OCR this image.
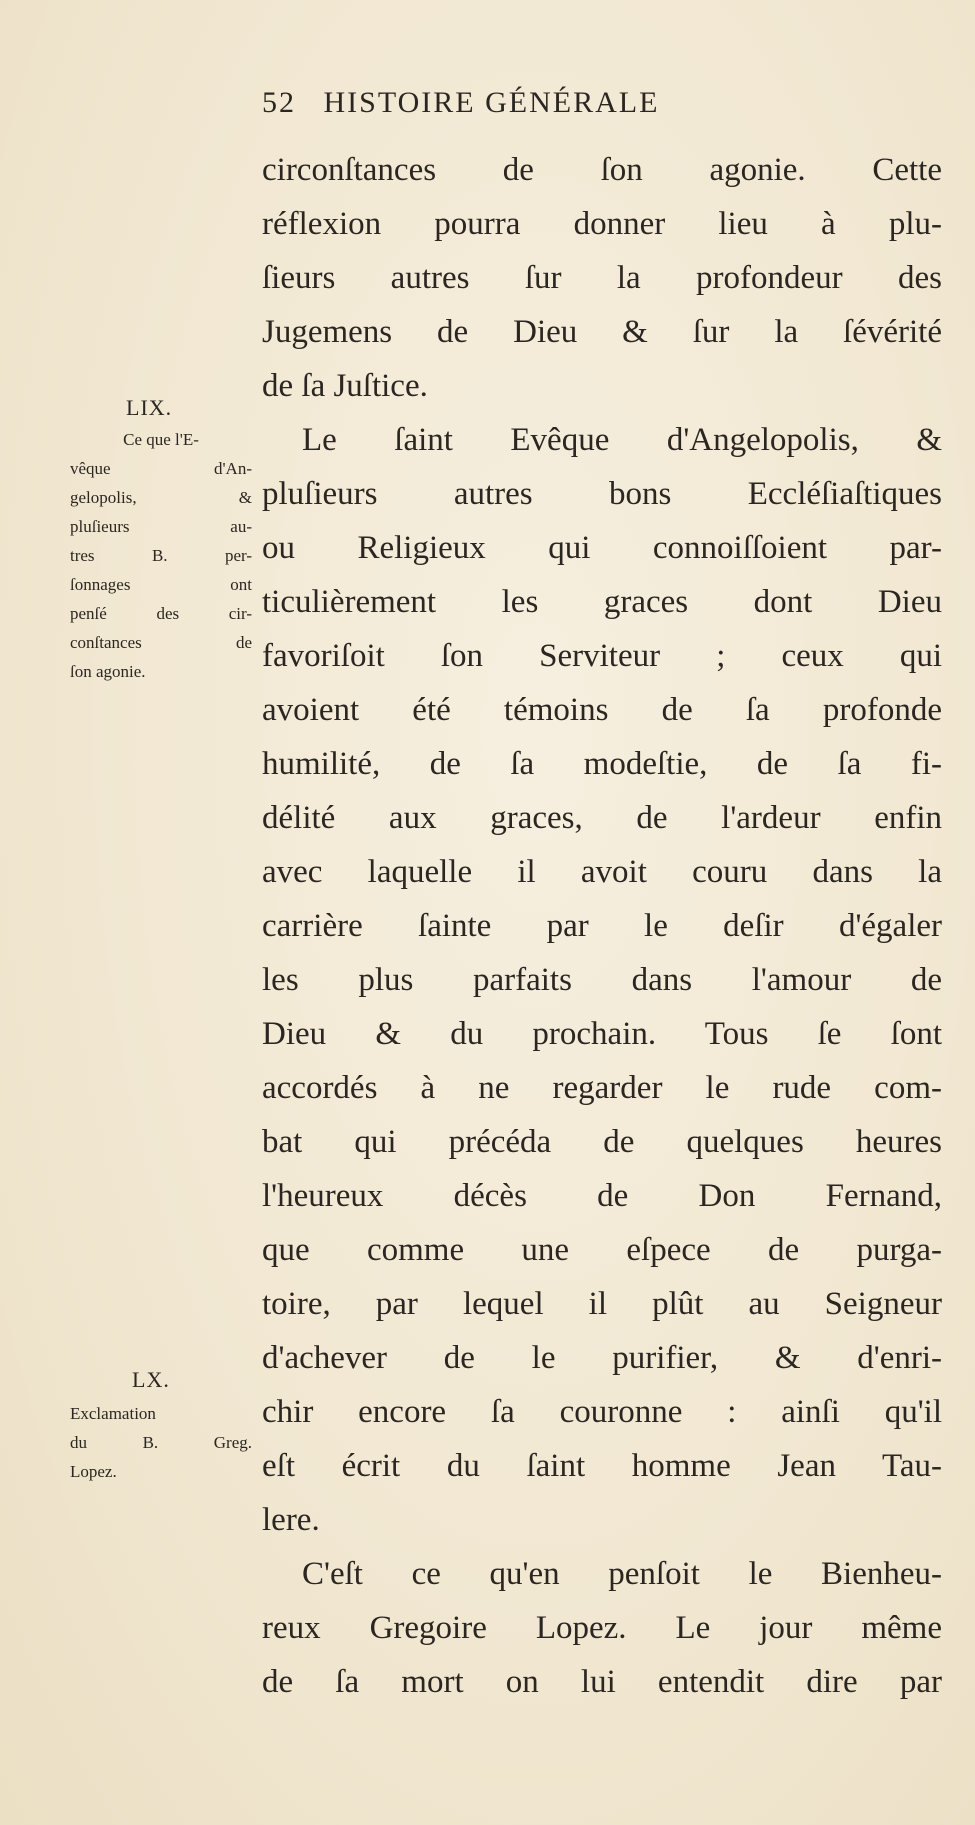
52 HISTOIRE GÉNÉRALE
circonſtances de ſon agonie. Cette
réflexion pourra donner lieu à plu-
ſieurs autres ſur la profondeur des
Jugemens de Dieu & ſur la ſévérité
de ſa Juſtice.
Le ſaint Evêque d'Angelopolis, &
pluſieurs autres bons Eccléſiaſtiques
ou Religieux qui connoiſſoient par-
ticulièrement les graces dont Dieu
favoriſoit ſon Serviteur ; ceux qui
avoient été témoins de ſa profonde
humilité, de ſa modeſtie, de ſa fi-
délité aux graces, de l'ardeur enfin
avec laquelle il avoit couru dans la
carrière ſainte par le deſir d'égaler
les plus parfaits dans l'amour de
Dieu & du prochain. Tous ſe ſont
accordés à ne regarder le rude com-
bat qui précéda de quelques heures
l'heureux décès de Don Fernand,
que comme une eſpece de purga-
toire, par lequel il plût au Seigneur
d'achever de le purifier, & d'enri-
chir encore ſa couronne : ainſi qu'il
eſt écrit du ſaint homme Jean Tau-
lere.
C'eſt ce qu'en penſoit le Bienheu-
reux Gregoire Lopez. Le jour même
de ſa mort on lui entendit dire par
LIX.
Ce que l'E-
vêque d'An-
gelopolis, &
pluſieurs au-
tres B. per-
ſonnages ont
penſé des cir-
conſtances de
ſon agonie.
LX.
Exclamation
du B. Greg.
Lopez.
